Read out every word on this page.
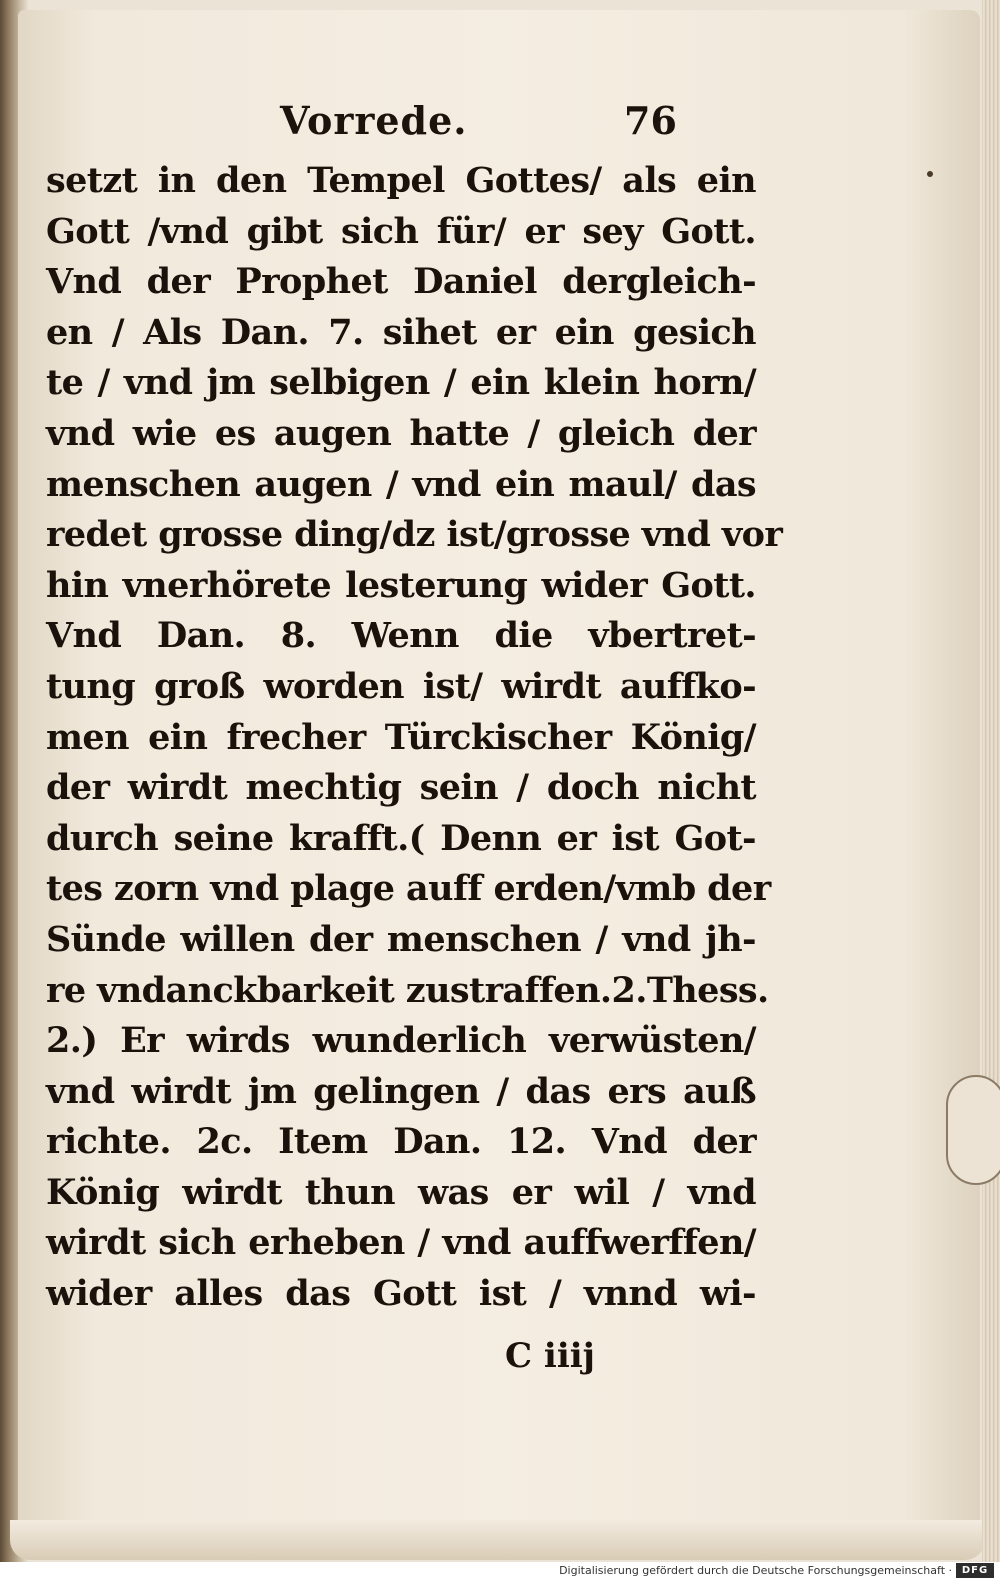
Vorrede.	76
setzt in den Tempel Gottes/ als ein
Gott /vnd gibt sich für/ er sey Gott.
Vnd der Prophet Daniel dergleich-
en / Als Dan. 7. sihet er ein gesich
te / vnd jm selbigen / ein klein horn/
vnd wie es augen hatte / gleich der
menschen augen / vnd ein maul/ das
redet grosse ding/dz ist/grosse vnd vor
hin vnerhörete lesterung wider Gott.
Vnd Dan. 8. Wenn die vbertret-
tung groß worden ist/ wirdt auffko-
men ein frecher Türckischer König/
der wirdt mechtig sein / doch nicht
durch seine krafft.( Denn er ist Got-
tes zorn vnd plage auff erden/vmb der
Sünde willen der menschen / vnd jh-
re vndanckbarkeit zustraffen.2.Thess.
2.) Er wirds wunderlich verwüsten/
vnd wirdt jm gelingen / das ers auß
richte. 2c. Item Dan. 12. Vnd der
König wirdt thun was er wil / vnd
wirdt sich erheben / vnd auffwerffen/
wider alles das Gott ist / vnnd wi-
C iiij
Digitalisierung gefördert durch die Deutsche Forschungsgemeinschaft · DFG
